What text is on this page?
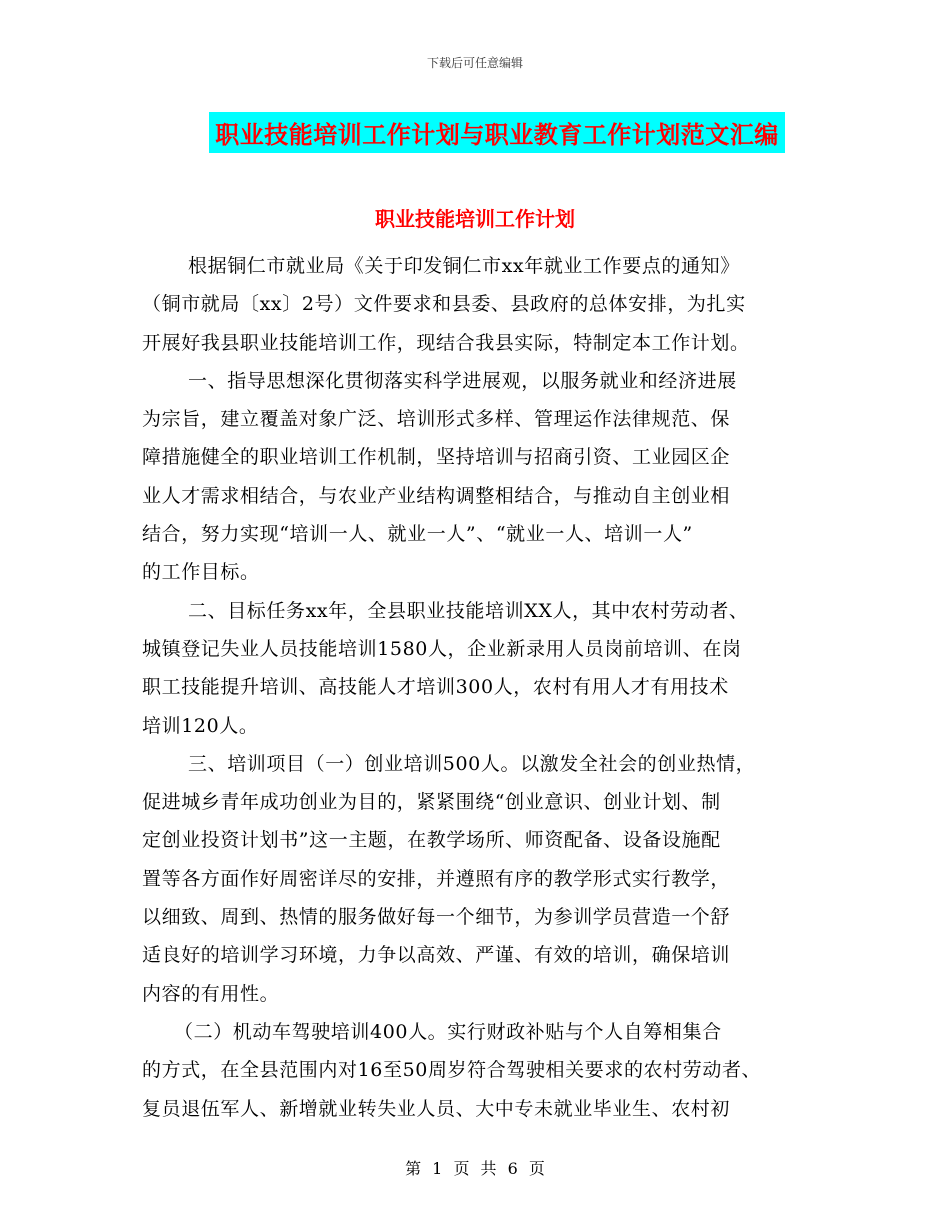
下载后可任意编辑
职业技能培训工作计划与职业教育工作计划范文汇编
职业技能培训工作计划
根据铜仁市就业局《关于印发铜仁市xx年就业工作要点的通知》
（铜市就局〔xx〕2号）文件要求和县委、县政府的总体安排，为扎实
开展好我县职业技能培训工作，现结合我县实际，特制定本工作计划。
一、指导思想深化贯彻落实科学进展观，以服务就业和经济进展
为宗旨，建立覆盖对象广泛、培训形式多样、管理运作法律规范、保
障措施健全的职业培训工作机制，坚持培训与招商引资、工业园区企
业人才需求相结合，与农业产业结构调整相结合，与推动自主创业相
结合，努力实现“培训一人、就业一人”、“就业一人、培训一人”
的工作目标。
二、目标任务xx年，全县职业技能培训XX人，其中农村劳动者、
城镇登记失业人员技能培训1580人，企业新录用人员岗前培训、在岗
职工技能提升培训、高技能人才培训300人，农村有用人才有用技术
培训120人。
三、培训项目（一）创业培训500人。以激发全社会的创业热情，
促进城乡青年成功创业为目的，紧紧围绕“创业意识、创业计划、制
定创业投资计划书”这一主题，在教学场所、师资配备、设备设施配
置等各方面作好周密详尽的安排，并遵照有序的教学形式实行教学，
以细致、周到、热情的服务做好每一个细节，为参训学员营造一个舒
适良好的培训学习环境，力争以高效、严谨、有效的培训，确保培训
内容的有用性。
（二）机动车驾驶培训400人。实行财政补贴与个人自筹相集合
的方式，在全县范围内对16至50周岁符合驾驶相关要求的农村劳动者、
复员退伍军人、新增就业转失业人员、大中专未就业毕业生、农村初
第 1 页 共 6 页
